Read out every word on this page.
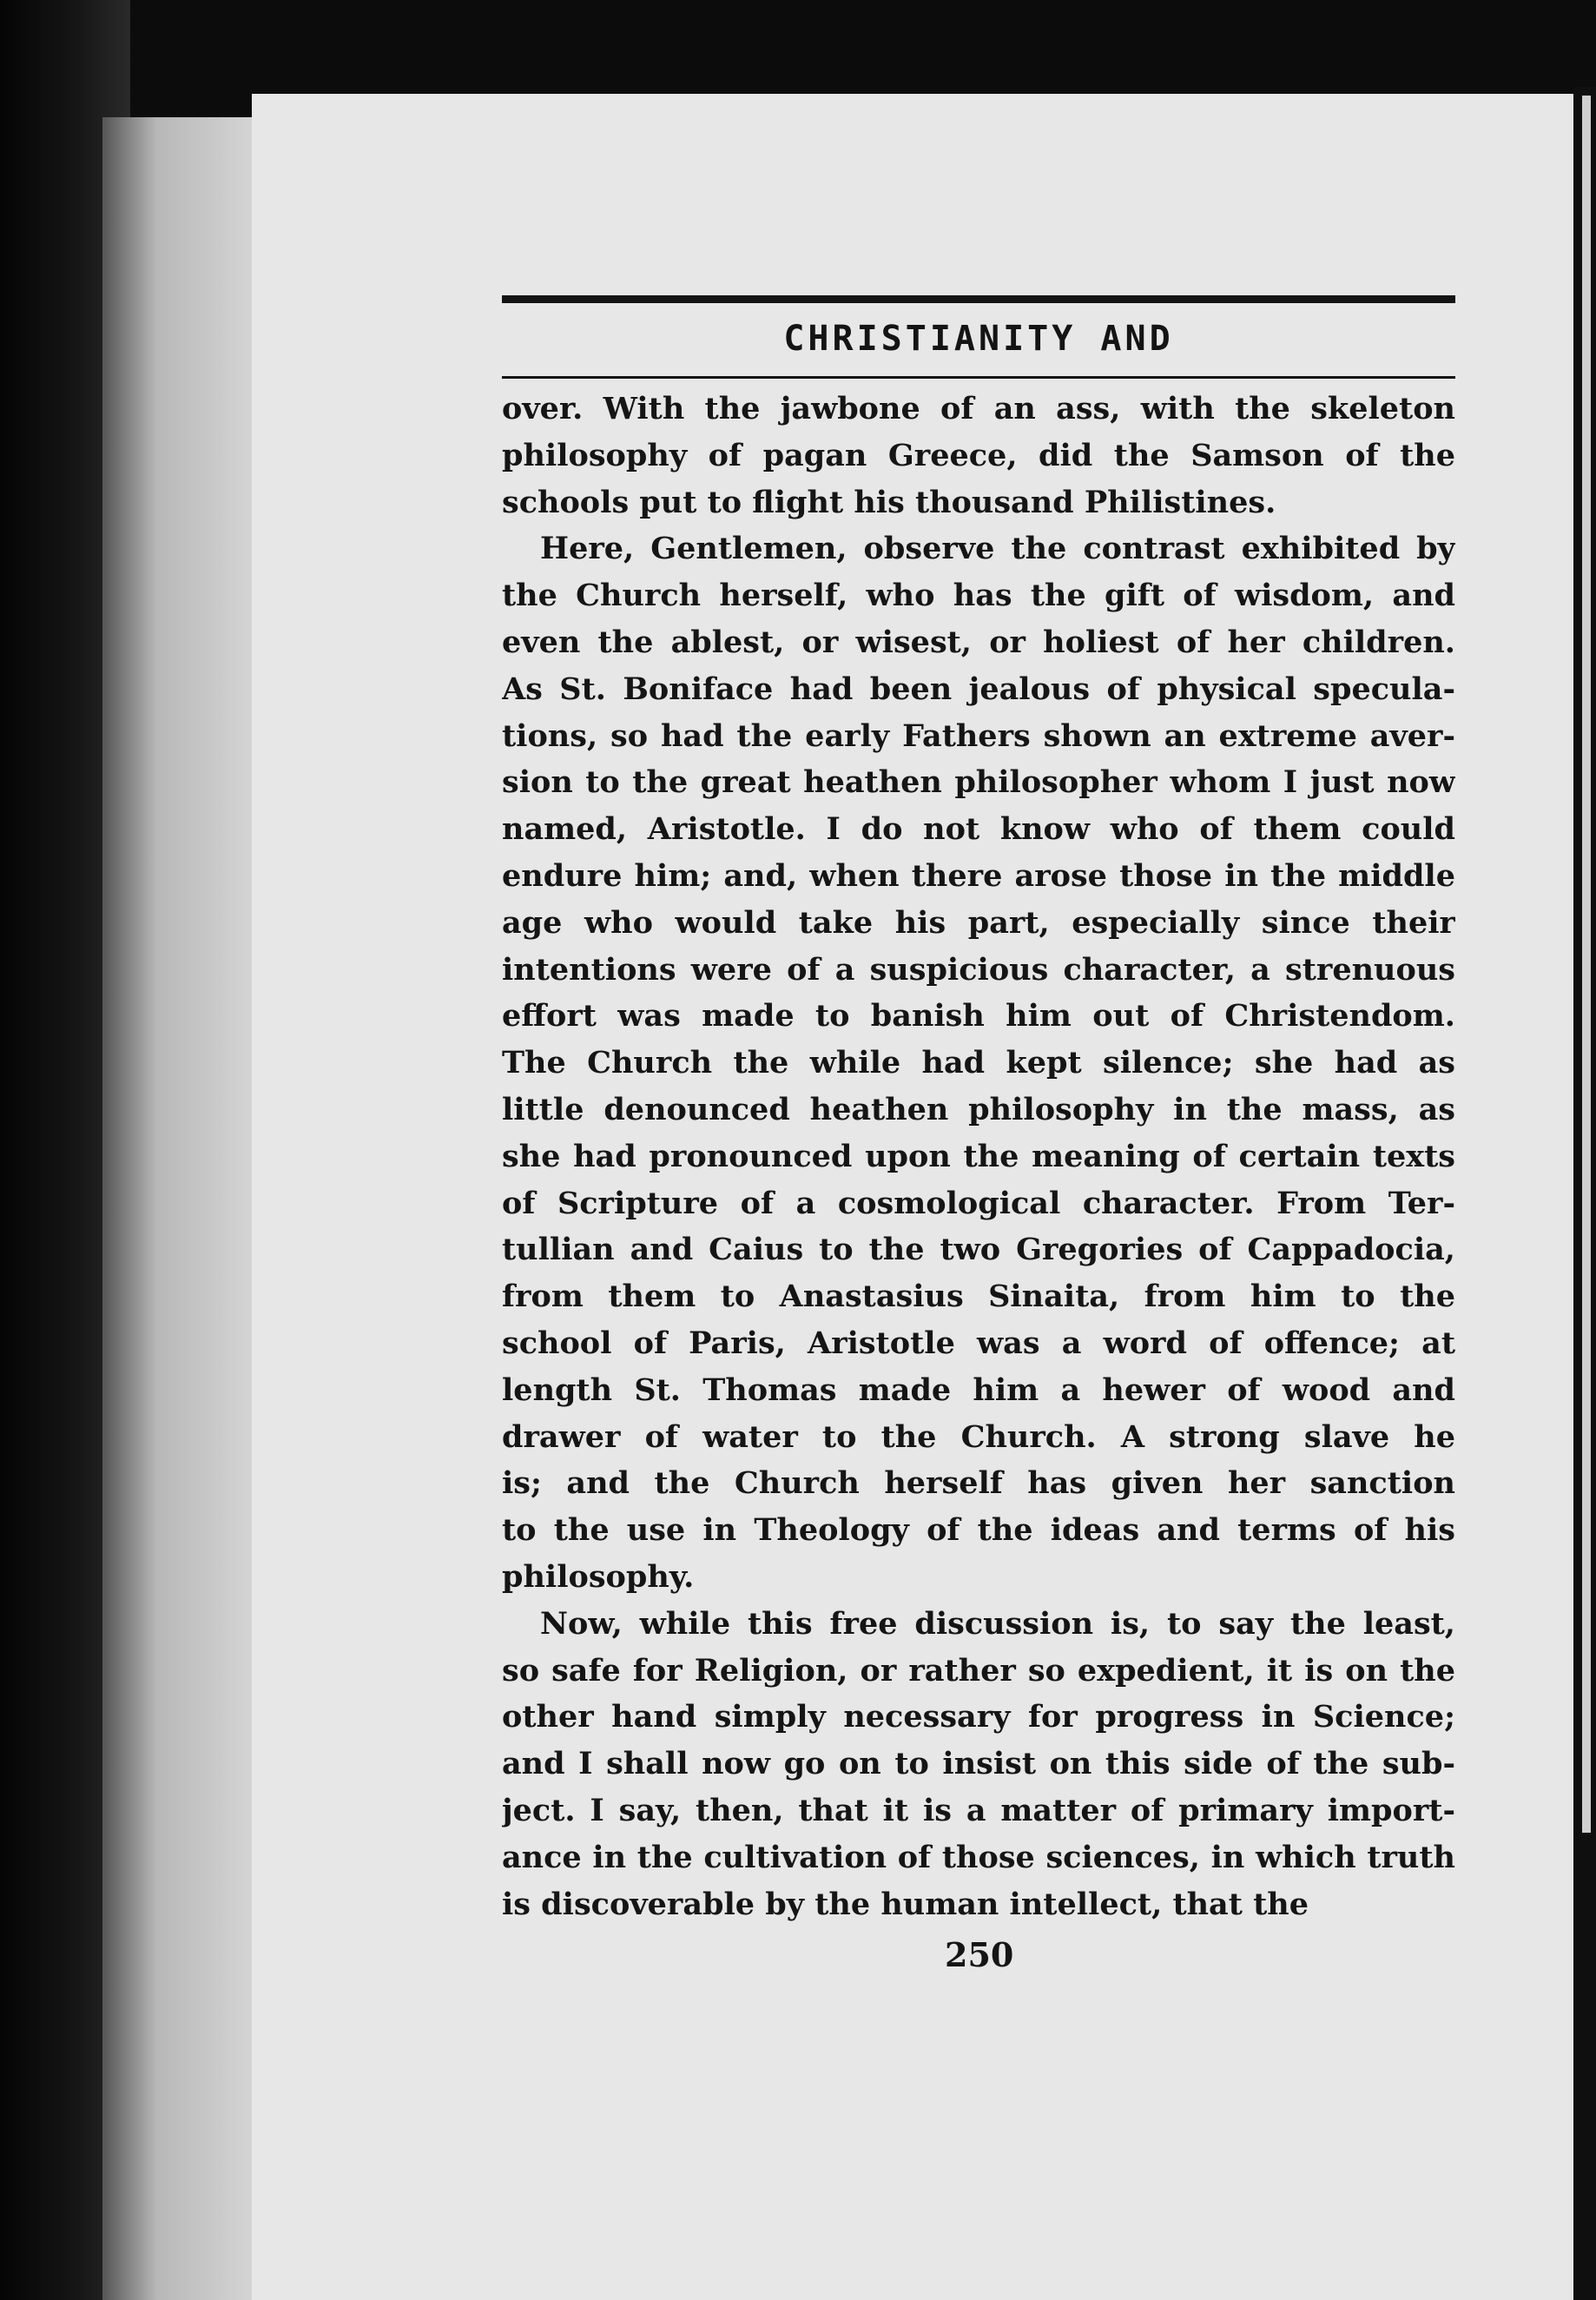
CHRISTIANITY AND
over. With the jawbone of an ass, with the skeleton
philosophy of pagan Greece, did the Samson of the
schools put to flight his thousand Philistines.
Here, Gentlemen, observe the contrast exhibited by
the Church herself, who has the gift of wisdom, and
even the ablest, or wisest, or holiest of her children.
As St. Boniface had been jealous of physical specula-
tions, so had the early Fathers shown an extreme aver-
sion to the great heathen philosopher whom I just now
named, Aristotle. I do not know who of them could
endure him; and, when there arose those in the middle
age who would take his part, especially since their
intentions were of a suspicious character, a strenuous
effort was made to banish him out of Christendom.
The Church the while had kept silence; she had as
little denounced heathen philosophy in the mass, as
she had pronounced upon the meaning of certain texts
of Scripture of a cosmological character. From Ter-
tullian and Caius to the two Gregories of Cappadocia,
from them to Anastasius Sinaita, from him to the
school of Paris, Aristotle was a word of offence; at
length St. Thomas made him a hewer of wood and
drawer of water to the Church. A strong slave he
is; and the Church herself has given her sanction
to the use in Theology of the ideas and terms of his
philosophy.
Now, while this free discussion is, to say the least,
so safe for Religion, or rather so expedient, it is on the
other hand simply necessary for progress in Science;
and I shall now go on to insist on this side of the sub-
ject. I say, then, that it is a matter of primary import-
ance in the cultivation of those sciences, in which truth
is discoverable by the human intellect, that the
250
